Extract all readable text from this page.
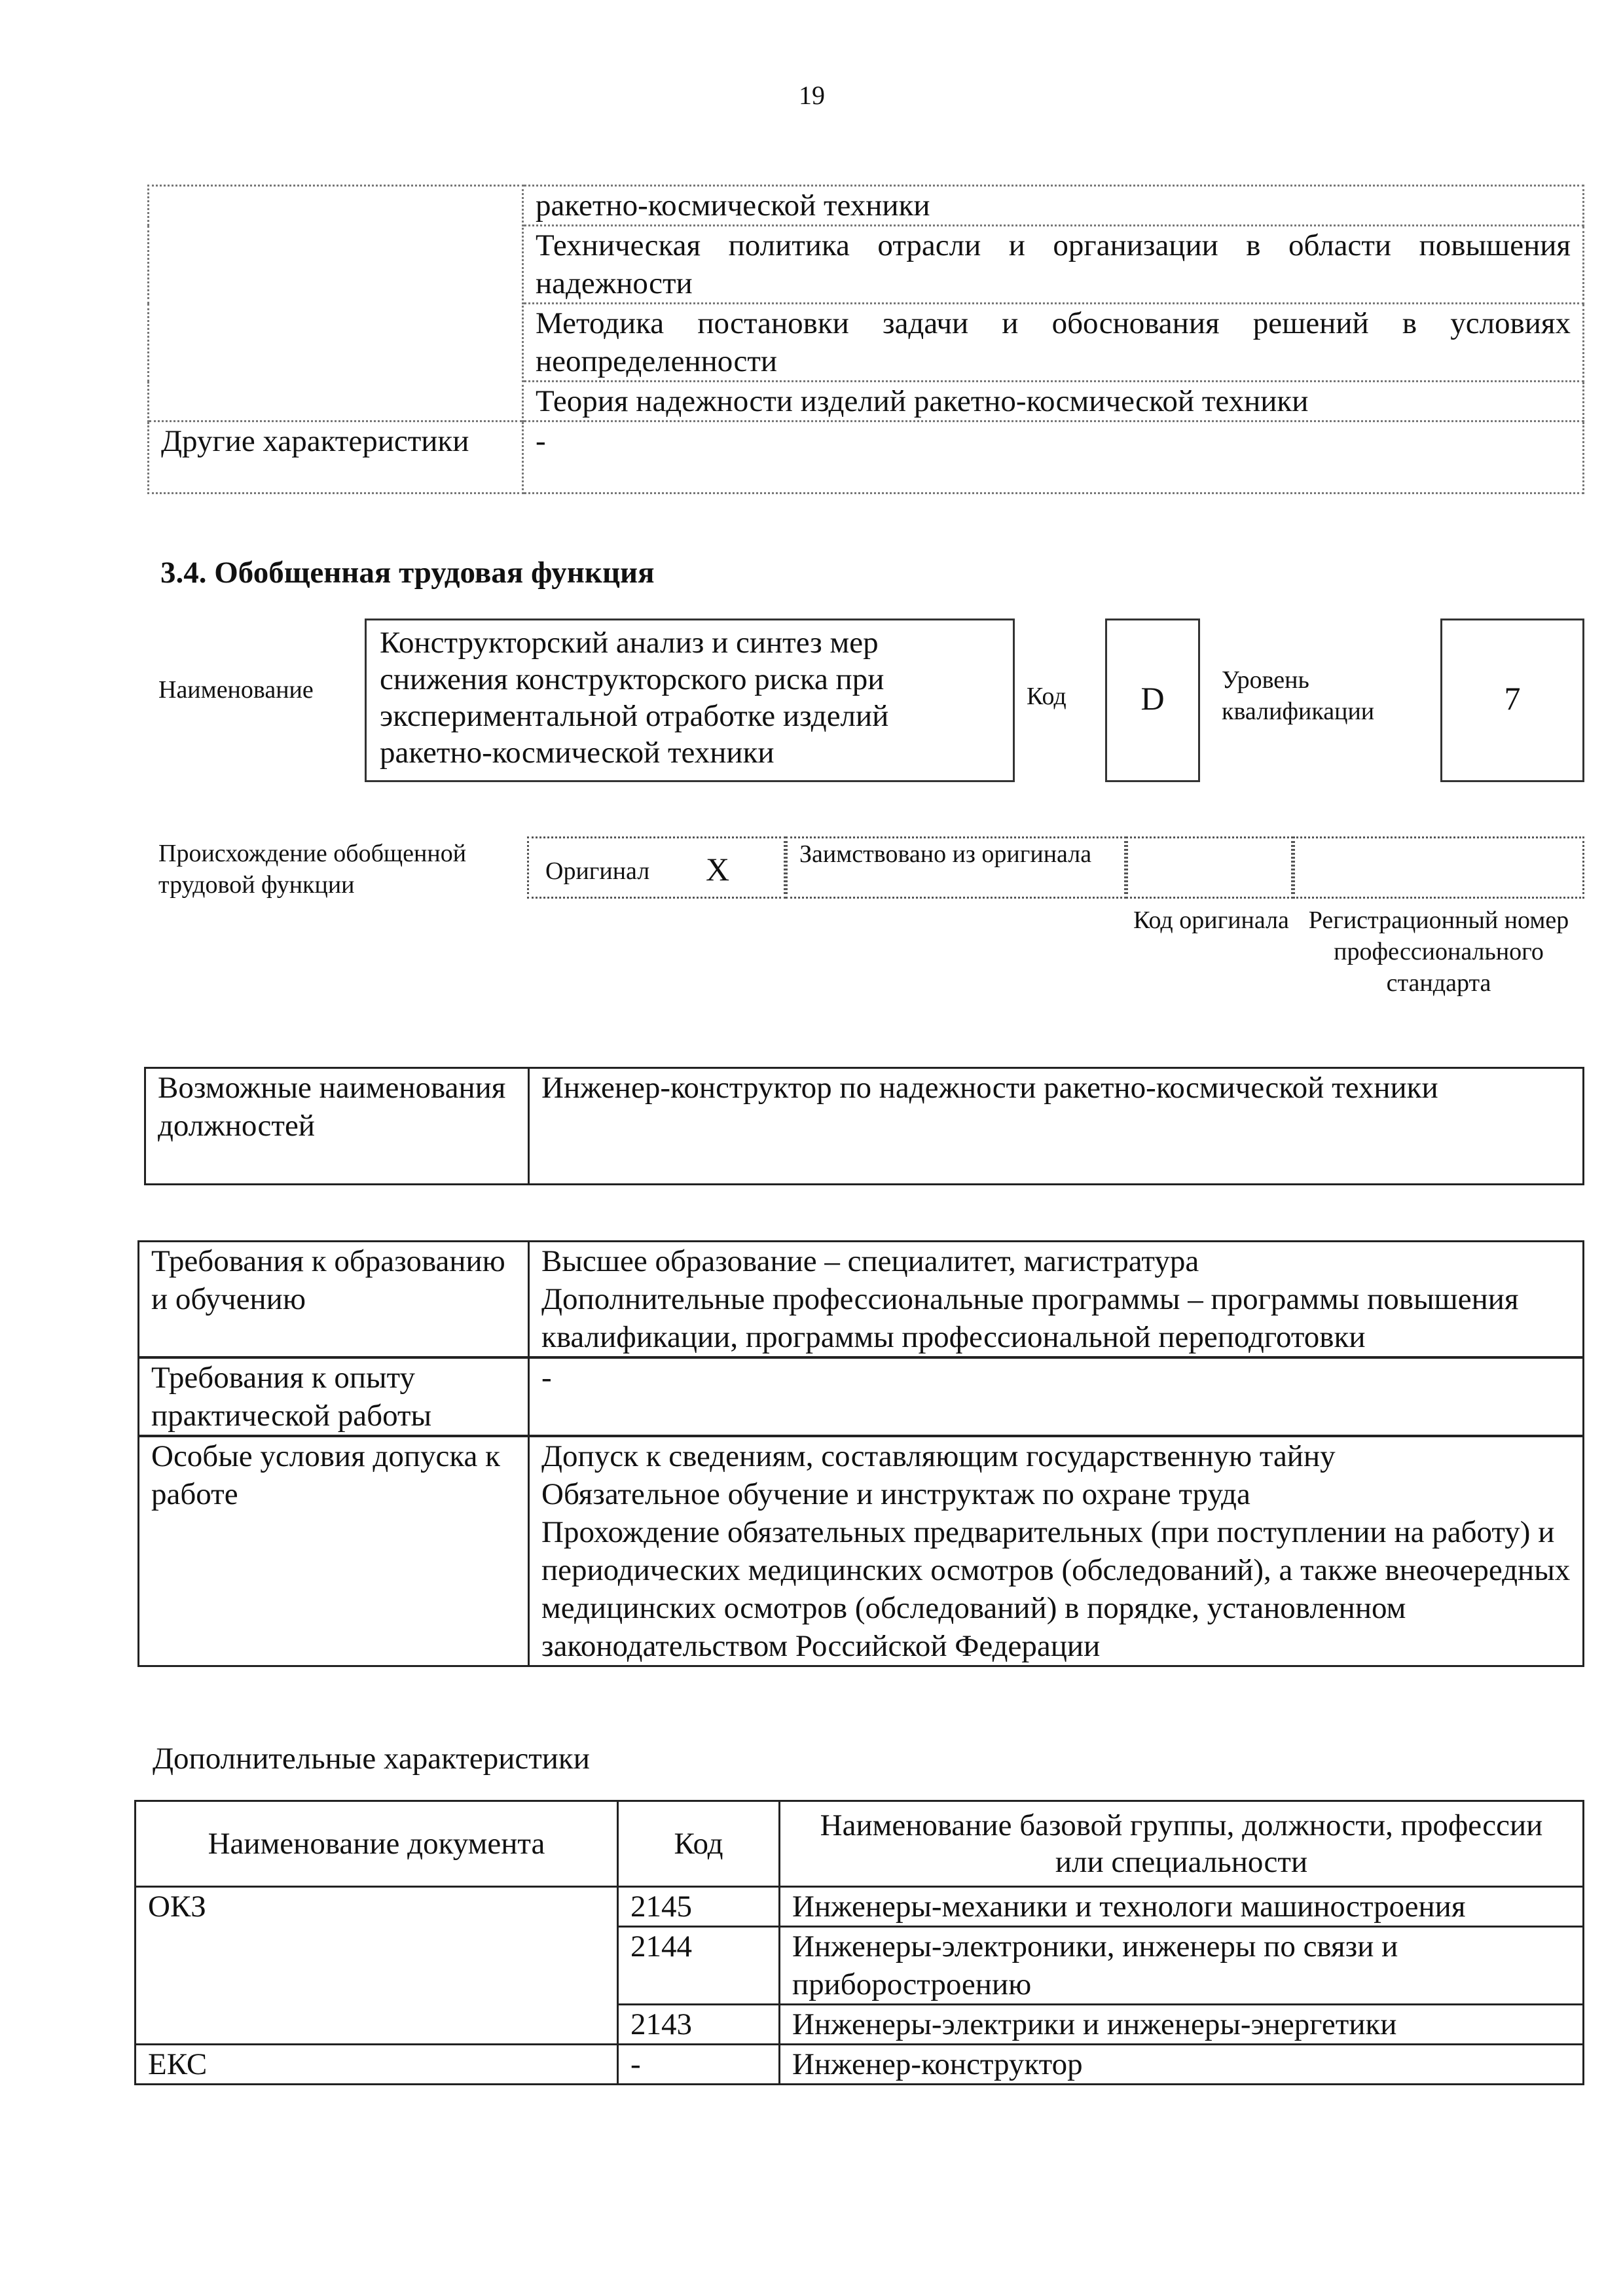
19
	ракетно-космической техники
	Техническая политика отрасли и организации в области повышения надежности
	Методика постановки задачи и обоснования решений в условиях неопределенности
	Теория надежности изделий ракетно-космической техники
Другие характеристики	-
3.4. Обобщенная трудовая функция
Наименование
Конструкторский анализ и синтез мер снижения конструкторского риска при экспериментальной отработке изделий ракетно-космической техники
Код	D	Уровень квалификации	7
Происхождение обобщенной трудовой функции	Оригинал X	Заимствовано из оригинала
Код оригинала Регистрационный номер профессионального стандарта
Возможные наименования должностей	Инженер-конструктор по надежности ракетно-космической техники
Требования к образованию и обучению	Высшее образование – специалитет, магистратура
Дополнительные профессиональные программы – программы повышения квалификации, программы профессиональной переподготовки

Требования к опыту практической работы	-
Особые условия допуска к работе	Допуск к сведениям, составляющим государственную тайну
Обязательное обучение и инструктаж по охране труда
Прохождение обязательных предварительных (при поступлении на работу) и периодических медицинских осмотров (обследований), а также внеочередных медицинских осмотров (обследований) в порядке, установленном законодательством Российской Федерации
Дополнительные характеристики
Наименование документа	Код	Наименование базовой группы, должности, профессии или специальности
ОКЗ	2145	Инженеры-механики и технологи машиностроения
	2144	Инженеры-электроники, инженеры по связи и приборостроению
	2143	Инженеры-электрики и инженеры-энергетики
ЕКС	-	Инженер-конструктор
